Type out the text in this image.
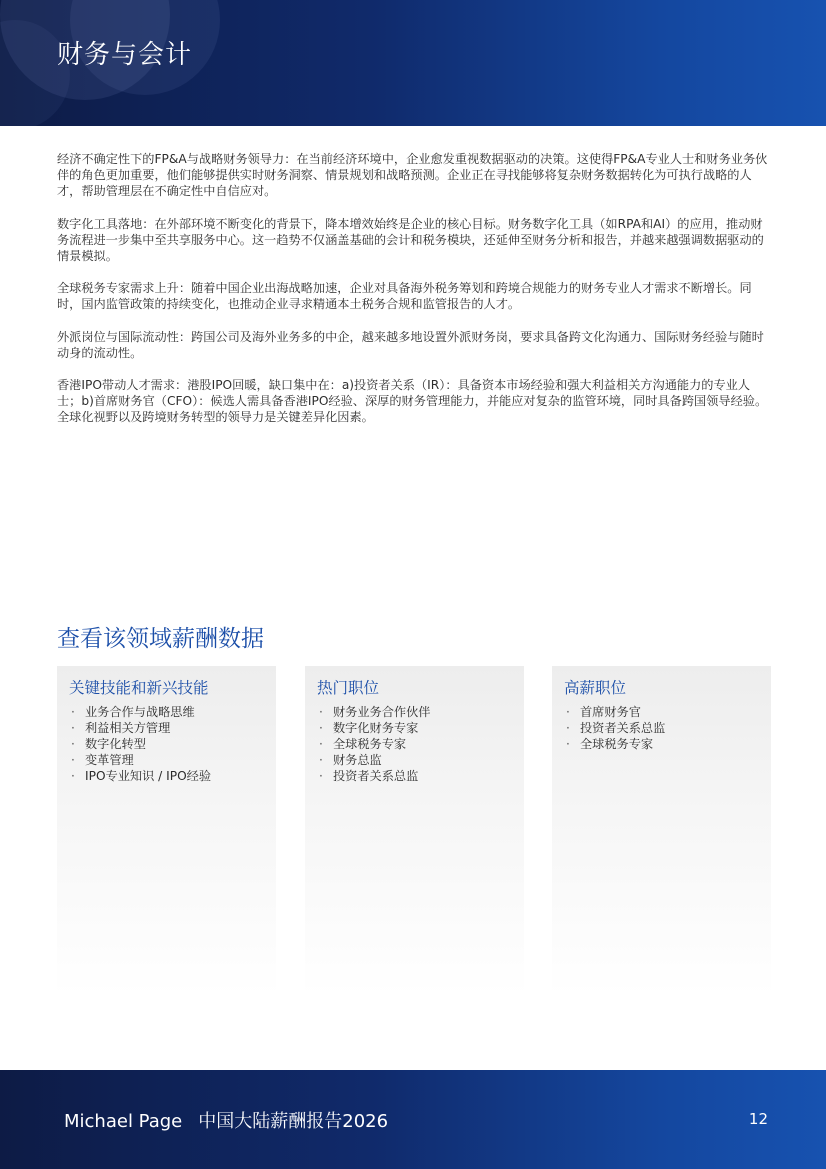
财务与会计

经济不确定性下的FP&A与战略财务领导力：在当前经济环境中，企业愈发重视数据驱动的决策。这使得FP&A专业人士和财务业务伙伴的角色更加重要，他们能够提供实时财务洞察、情景规划和战略预测。企业正在寻找能够将复杂财务数据转化为可执行战略的人才，帮助管理层在不确定性中自信应对。

数字化工具落地：在外部环境不断变化的背景下，降本增效始终是企业的核心目标。财务数字化工具（如RPA和AI）的应用，推动财务流程进一步集中至共享服务中心。这一趋势不仅涵盖基础的会计和税务模块，还延伸至财务分析和报告，并越来越强调数据驱动的情景模拟。

全球税务专家需求上升：随着中国企业出海战略加速，企业对具备海外税务筹划和跨境合规能力的财务专业人才需求不断增长。同时，国内监管政策的持续变化，也推动企业寻求精通本土税务合规和监管报告的人才。

外派岗位与国际流动性：跨国公司及海外业务多的中企，越来越多地设置外派财务岗，要求具备跨文化沟通力、国际财务经验与随时动身的流动性。

香港IPO带动人才需求：港股IPO回暖，缺口集中在：a)投资者关系（IR）：具备资本市场经验和强大利益相关方沟通能力的专业人士；b)首席财务官（CFO）：候选人需具备香港IPO经验、深厚的财务管理能力，并能应对复杂的监管环境，同时具备跨国领导经验。全球化视野以及跨境财务转型的领导力是关键差异化因素。

查看该领域薪酬数据
关键技能和新兴技能
· 业务合作与战略思维
· 利益相关方管理
· 数字化转型
· 变革管理
· IPO专业知识 / IPO经验
热门职位
· 财务业务合作伙伴
· 数字化财务专家
· 全球税务专家
· 财务总监
· 投资者关系总监
高薪职位
· 首席财务官
· 投资者关系总监
· 全球税务专家
Michael Page 中国大陆薪酬报告2026	12
